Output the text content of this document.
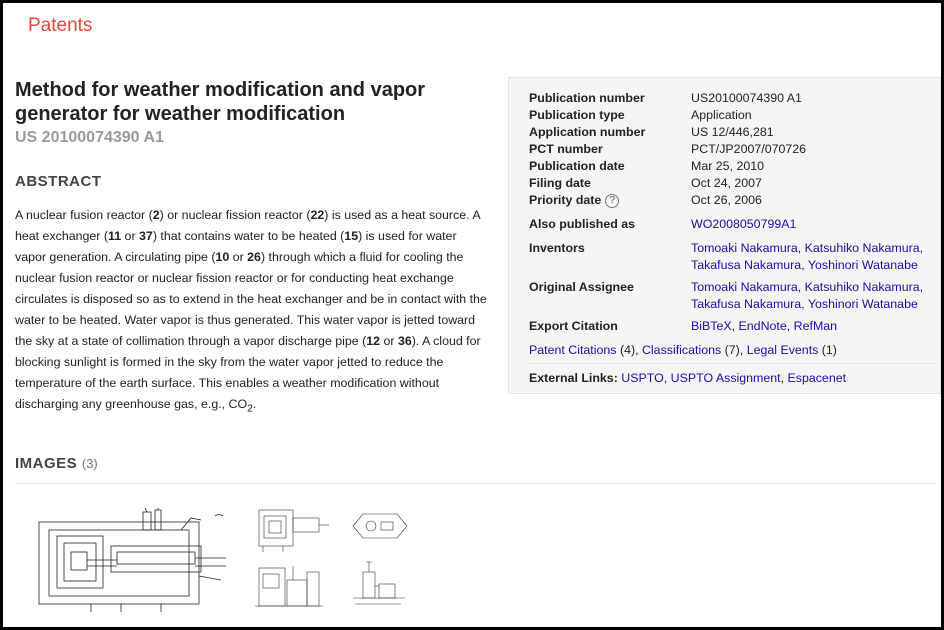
Patents
Method for weather modification and vapor generator for weather modification
US 20100074390 A1
ABSTRACT

A nuclear fusion reactor (2) or nuclear fission reactor (22) is used as a heat source. A heat exchanger (11 or 37) that contains water to be heated (15) is used for water vapor generation. A circulating pipe (10 or 26) through which a fluid for cooling the nuclear fusion reactor or nuclear fission reactor or for conducting heat exchange circulates is disposed so as to extend in the heat exchanger and be in contact with the water to be heated. Water vapor is thus generated. This water vapor is jetted toward the sky at a state of collimation through a vapor discharge pipe (12 or 36). A cloud for blocking sunlight is formed in the sky from the water vapor jetted to reduce the temperature of the earth surface. This enables a weather modification without discharging any greenhouse gas, e.g., $CO_2$.

Publication number	US20100074390 A1
Publication type	Application
Application number	US 12/446,281
PCT number	PCT/JP2007/070726
Publication date	Mar 25, 2010
Filing date	Oct 24, 2007
Priority date ?	Oct 26, 2006
Also published as	WO2008050799A1
Inventors	Tomoaki Nakamura, Katsuhiko Nakamura,
Takafusa Nakamura, Yoshinori Watanabe
Original Assignee	Tomoaki Nakamura, Katsuhiko Nakamura,
Takafusa Nakamura, Yoshinori Watanabe
Export Citation	BiBTeX, EndNote, RefMan
Patent Citations (4), Classifications (7), Legal Events (1)
External Links: USPTO, USPTO Assignment, Espacenet
IMAGES (3)
